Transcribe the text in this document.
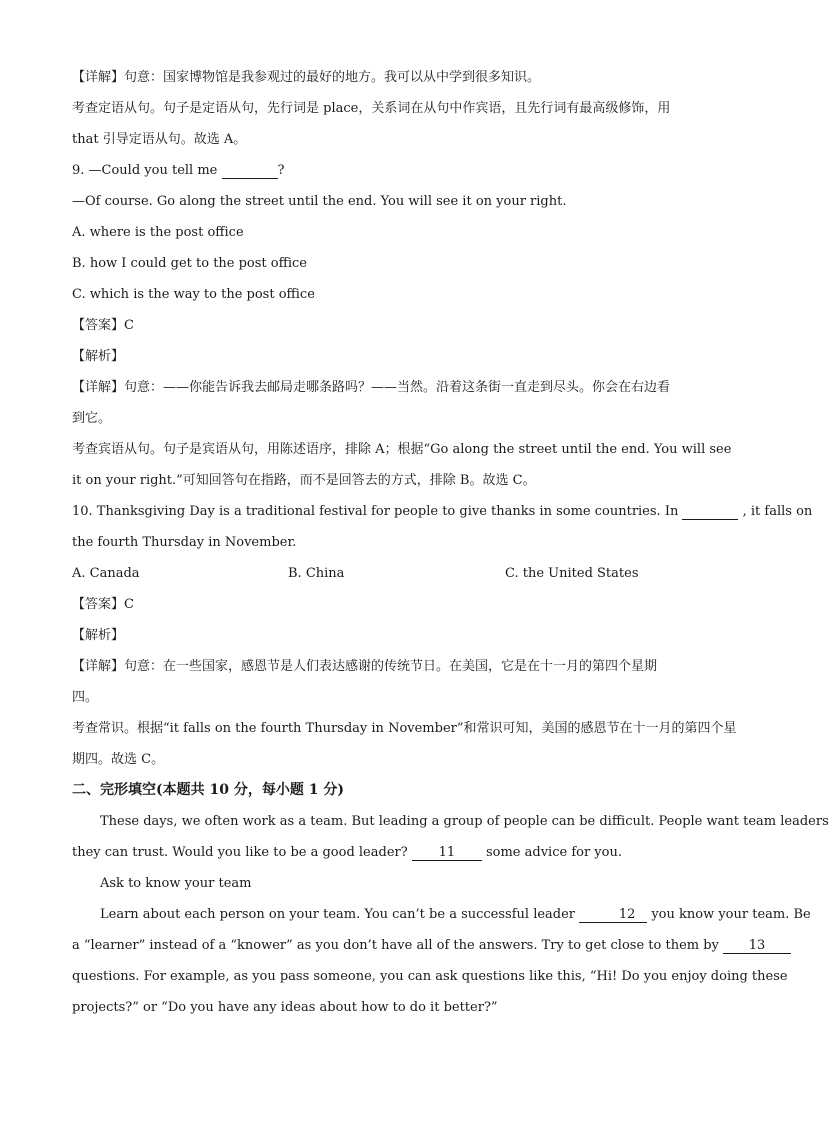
【详解】句意：国家博物馆是我参观过的最好的地方。我可以从中学到很多知识。
考查定语从句。句子是定语从句，先行词是 place，关系词在从句中作宾语，且先行词有最高级修饰，用
that 引导定语从句。故选 A。
9. —Could you tell me	?
—Of course. Go along the street until the end. You will see it on your right.
A. where is the post office
B. how I could get to the post office
C. which is the way to the post office
【答案】C
【解析】
【详解】句意：——你能告诉我去邮局走哪条路吗？——当然。沿着这条街一直走到尽头。你会在右边看
到它。
考查宾语从句。句子是宾语从句，用陈述语序，排除 A；根据“Go along the street until the end. You will see
it on your right.”可知回答句在指路，而不是回答去的方式，排除 B。故选 C。
10. Thanksgiving Day is a traditional festival for people to give thanks in some countries. In	, it falls on
the fourth Thursday in November.
A. Canada	B. China	C. the United States
【答案】C
【解析】
【详解】句意：在一些国家，感恩节是人们表达感谢的传统节日。在美国，它是在十一月的第四个星期
四。
考查常识。根据“it falls on the fourth Thursday in November”和常识可知，美国的感恩节在十一月的第四个星
期四。故选 C。
二、完形填空(本题共 10 分，每小题 1 分)
These days, we often work as a team. But leading a group of people can be difficult. People want team leaders
they can trust. Would you like to be a good leader? 11 some advice for you.
Ask to know your team
Learn about each person on your team. You can’t be a successful leader	12 you know your team. Be
a “learner” instead of a “knower” as you don’t have all of the answers. Try to get close to them by 13
questions. For example, as you pass someone, you can ask questions like this, “Hi! Do you enjoy doing these
projects?” or “Do you have any ideas about how to do it better?”
